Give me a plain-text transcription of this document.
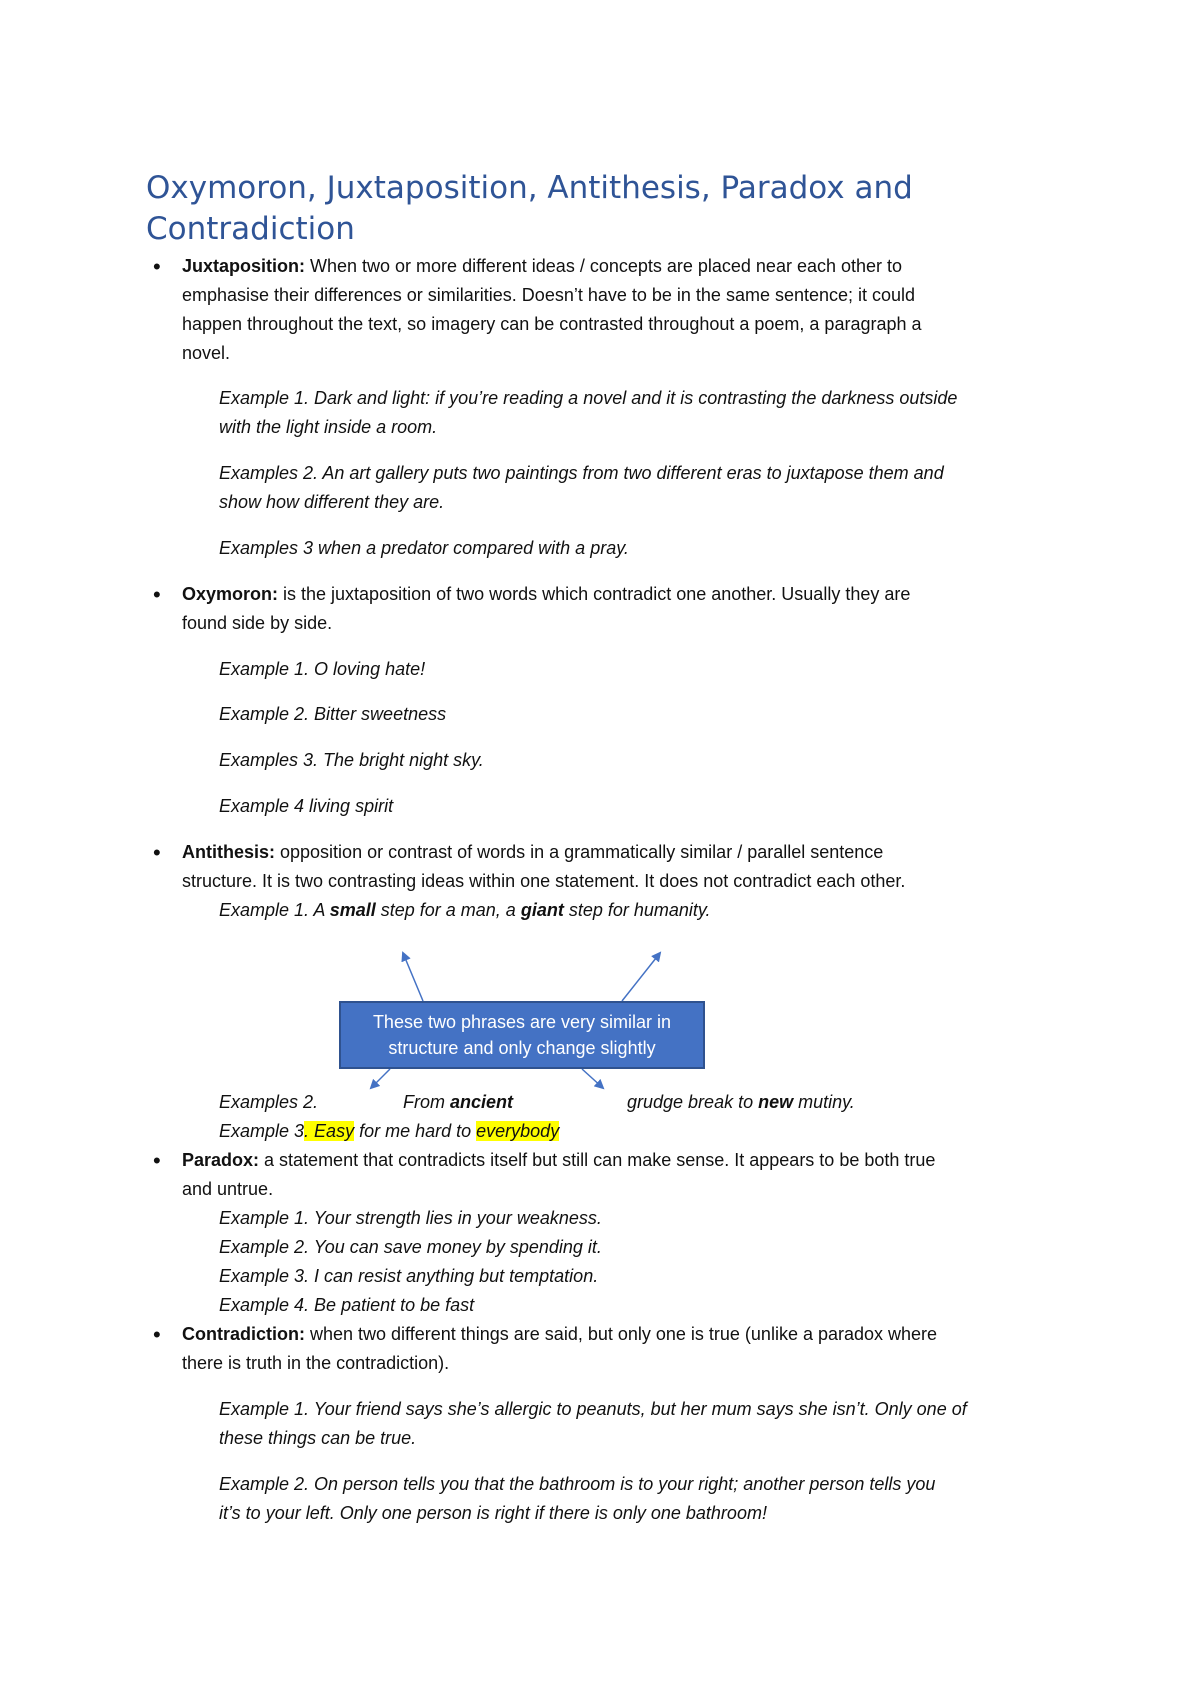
Oxymoron, Juxtaposition, Antithesis, Paradox and Contradiction
• Juxtaposition: When two or more different ideas / concepts are placed near each other to

emphasise their differences or similarities. Doesn’t have to be in the same sentence; it could

happen throughout the text, so imagery can be contrasted throughout a poem, a paragraph a

novel.

Example 1. Dark and light: if you’re reading a novel and it is contrasting the darkness outside

with the light inside a room.

Examples 2. An art gallery puts two paintings from two different eras to juxtapose them and

show how different they are.

Examples 3 when a predator compared with a pray.

• Oxymoron: is the juxtaposition of two words which contradict one another. Usually they are

found side by side.

Example 1. O loving hate!

Example 2. Bitter sweetness

Examples 3. The bright night sky.

Example 4 living spirit

• Antithesis: opposition or contrast of words in a grammatically similar / parallel sentence

structure. It is two contrasting ideas within one statement. It does not contradict each other.

Example 1. A small step for a man, a giant step for humanity.

These two phrases are very similar in structure and only change slightly
Examples 2.	From ancient	grudge break to new mutiny.

Example 3. Easy for me hard to everybody

• Paradox: a statement that contradicts itself but still can make sense. It appears to be both true

and untrue.

Example 1. Your strength lies in your weakness.

Example 2. You can save money by spending it.

Example 3. I can resist anything but temptation.

Example 4. Be patient to be fast

• Contradiction: when two different things are said, but only one is true (unlike a paradox where

there is truth in the contradiction).

Example 1. Your friend says she’s allergic to peanuts, but her mum says she isn’t. Only one of

these things can be true.

Example 2. On person tells you that the bathroom is to your right; another person tells you

it’s to your left. Only one person is right if there is only one bathroom!
